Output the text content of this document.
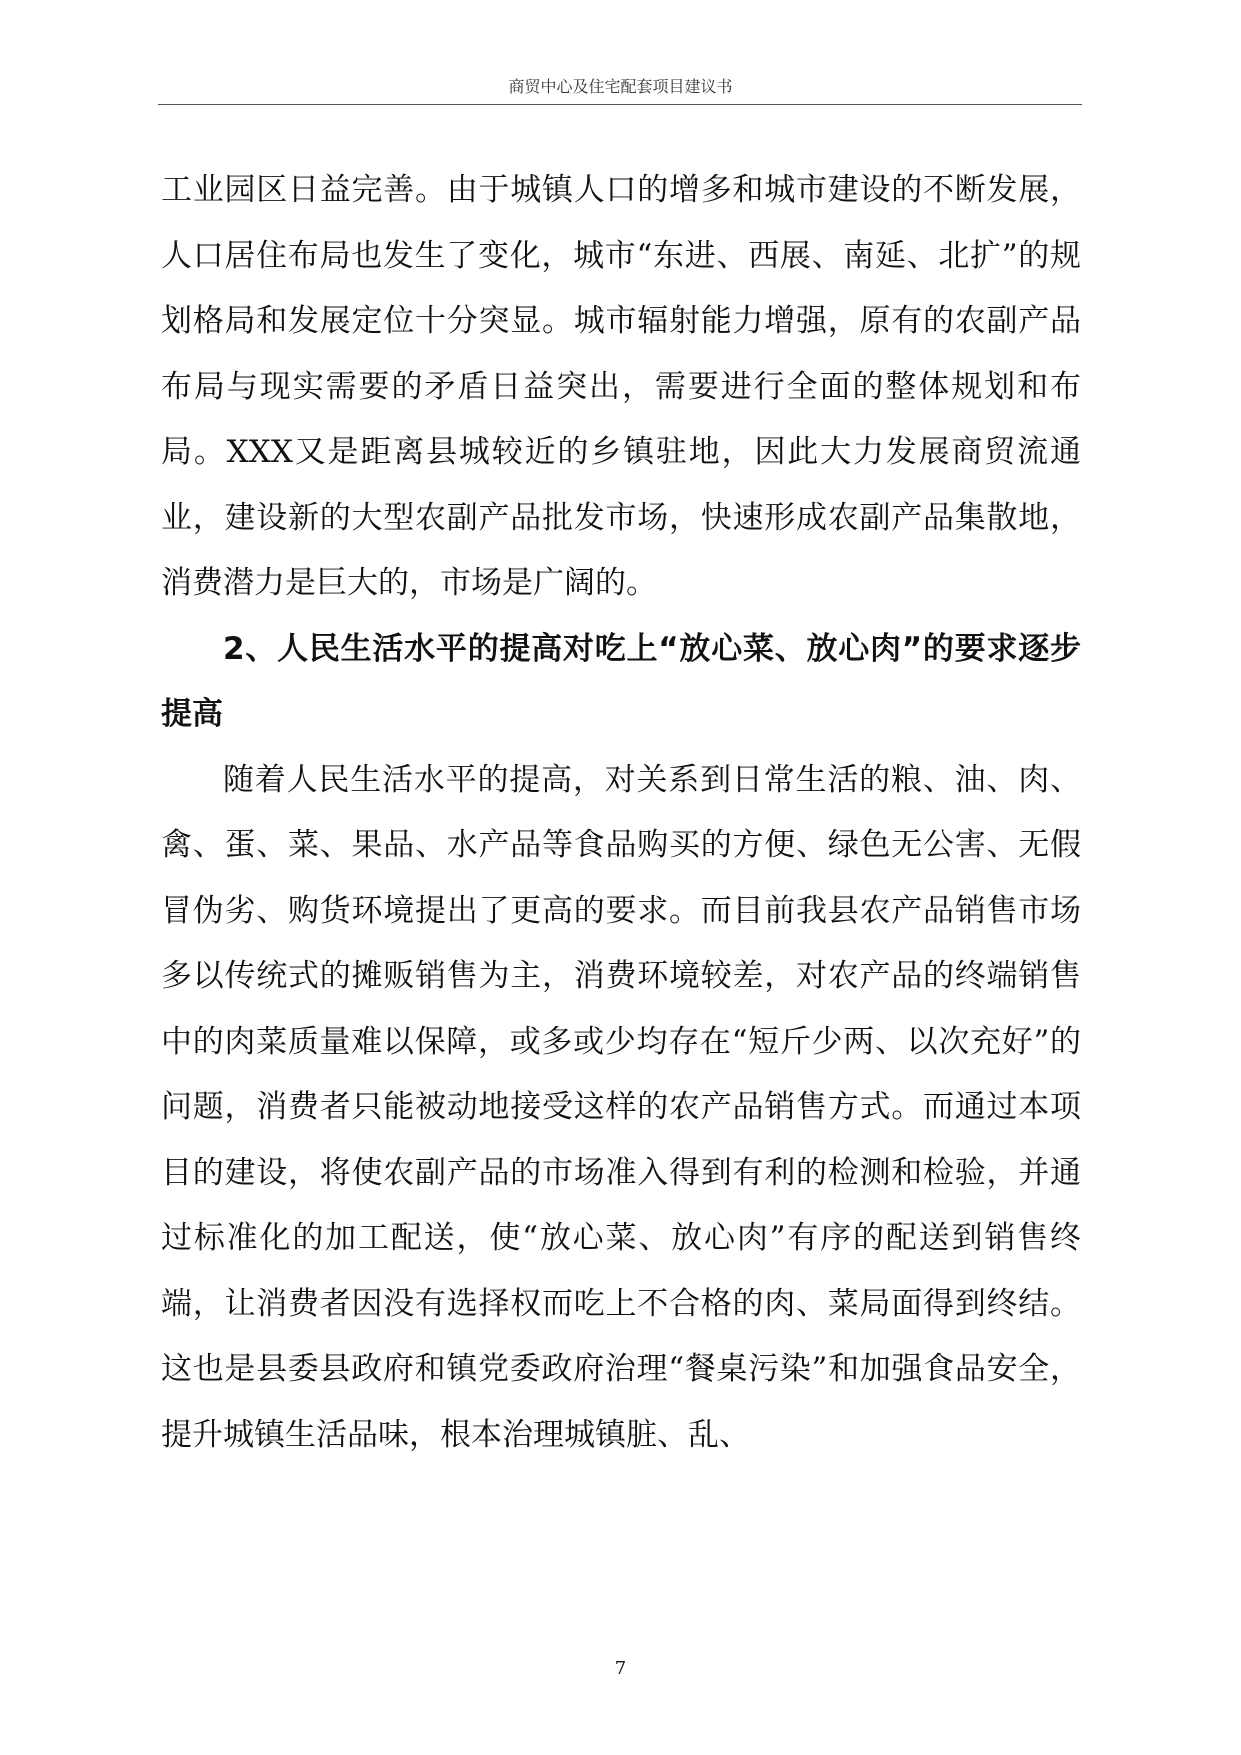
商贸中心及住宅配套项目建议书

工业园区日益完善。由于城镇人口的增多和城市建设的不断发展，人口居住布局也发生了变化，城市“东进、西展、南延、北扩”的规划格局和发展定位十分突显。城市辐射能力增强，原有的农副产品布局与现实需要的矛盾日益突出，需要进行全面的整体规划和布局。XXX又是距离县城较近的乡镇驻地，因此大力发展商贸流通业，建设新的大型农副产品批发市场，快速形成农副产品集散地，消费潜力是巨大的，市场是广阔的。

2、人民生活水平的提高对吃上“放心菜、放心肉”的要求逐步提高

随着人民生活水平的提高，对关系到日常生活的粮、油、肉、禽、蛋、菜、果品、水产品等食品购买的方便、绿色无公害、无假冒伪劣、购货环境提出了更高的要求。而目前我县农产品销售市场多以传统式的摊贩销售为主，消费环境较差，对农产品的终端销售中的肉菜质量难以保障，或多或少均存在“短斤少两、以次充好”的问题，消费者只能被动地接受这样的农产品销售方式。而通过本项目的建设，将使农副产品的市场准入得到有利的检测和检验，并通过标准化的加工配送，使“放心菜、放心肉”有序的配送到销售终端，让消费者因没有选择权而吃上不合格的肉、菜局面得到终结。这也是县委县政府和镇党委政府治理“餐桌污染”和加强食品安全，提升城镇生活品味，根本治理城镇脏、乱、

7
